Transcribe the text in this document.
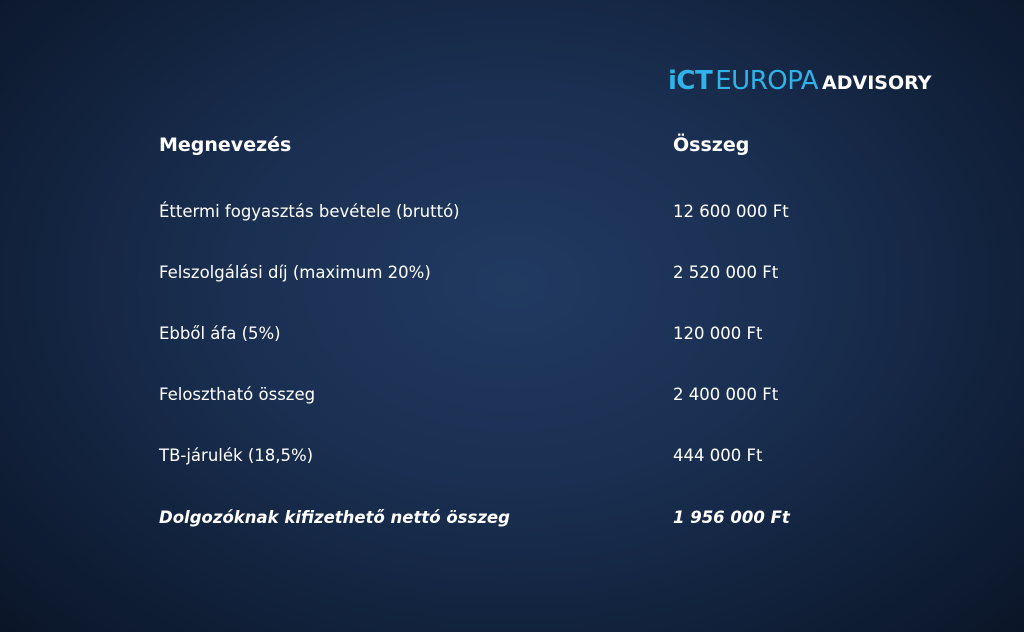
iCT EUROPA ADVISORY
Megnevezés	Összeg
Éttermi fogyasztás bevétele (bruttó)	12 600 000 Ft
Felszolgálási díj (maximum 20%)	2 520 000 Ft
Ebből áfa (5%)	120 000 Ft
Felosztható összeg	2 400 000 Ft
TB-járulék (18,5%)	444 000 Ft
Dolgozóknak kifizethető nettó összeg	1 956 000 Ft
